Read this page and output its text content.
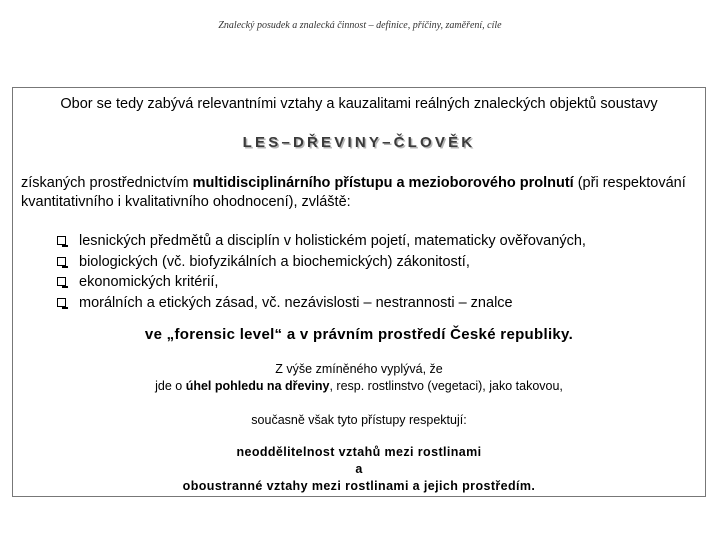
Znalecký posudek a znalecká činnost – definice, příčiny, zaměření, cíle
Obor se tedy zabývá relevantními vztahy a kauzalitami reálných znaleckých objektů soustavy
LES–DŘEVINY–ČLOVĚK
získaných prostřednictvím multidisciplinárního přístupu a mezioborového prolnutí (při respektování kvantitativního i kvalitativního ohodnocení), zvláště:
lesnických předmětů a disciplín v holistickém pojetí, matematicky ověřovaných,
biologických (vč. biofyzikálních a biochemických) zákonitostí,
ekonomických kritérií,
morálních a etických zásad, vč. nezávislosti – nestrannosti – znalce
ve „forensic level“ a v právním prostředí České republiky.
Z výše zmíněného vyplývá, že
jde o úhel pohledu na dřeviny, resp. rostlinstvo (vegetaci), jako takovou,
současně však tyto přístupy respektují:
neoddělitelnost vztahů mezi rostlinami
a
oboustranné vztahy mezi rostlinami a jejich prostředím.
